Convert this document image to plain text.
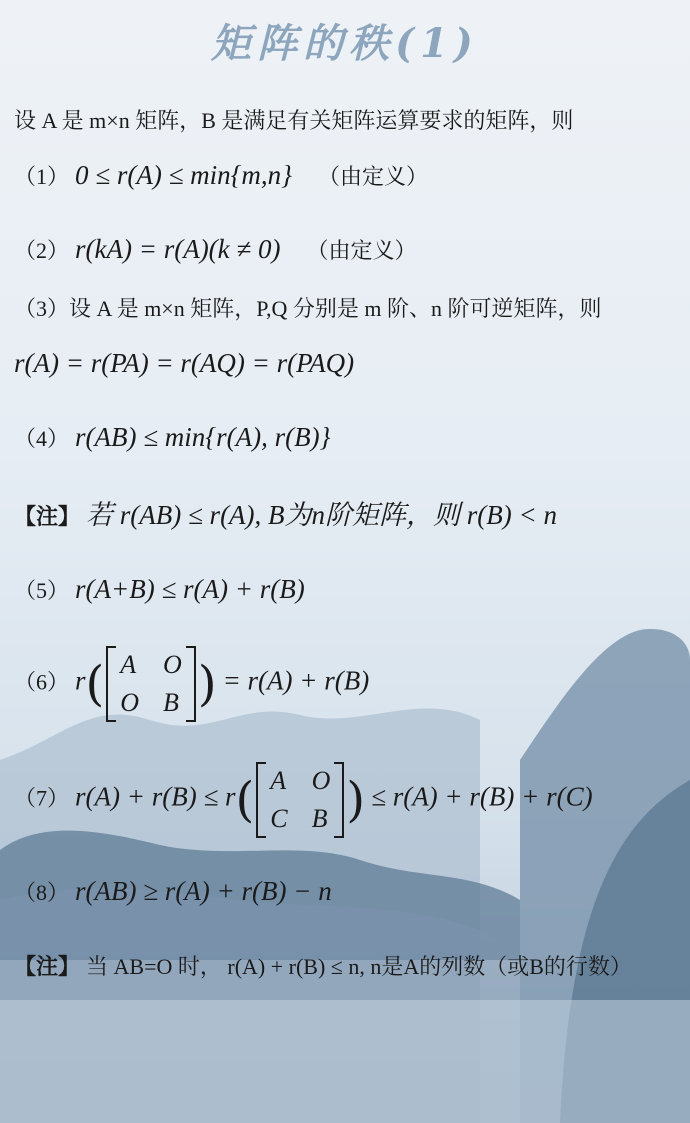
矩阵的秩(1)
设 A 是 m×n 矩阵，B 是满足有关矩阵运算要求的矩阵，则
（1） 0 ≤ r(A) ≤ min{m,n} （由定义）
（2） r(kA) = r(A)(k ≠ 0) （由定义）
（3）设 A 是 m×n 矩阵，P,Q 分别是 m 阶、n 阶可逆矩阵，则
r(A) = r(PA) = r(AQ) = r(PAQ)
（4） r(AB) ≤ min{r(A), r(B)}
【注】 若 r(AB) ≤ r(A), B为n阶矩阵，则 r(B) < n
（5） r(A+B) ≤ r(A) + r(B)
（6） r( A	O
O	B ) = r(A) + r(B)
（7） r(A) + r(B) ≤ r( A	O
C	B ) ≤ r(A) + r(B) + r(C)
（8） r(AB) ≥ r(A) + r(B) − n
【注】 当 AB=O 时， r(A) + r(B) ≤ n, n是A的列数（或B的行数）
